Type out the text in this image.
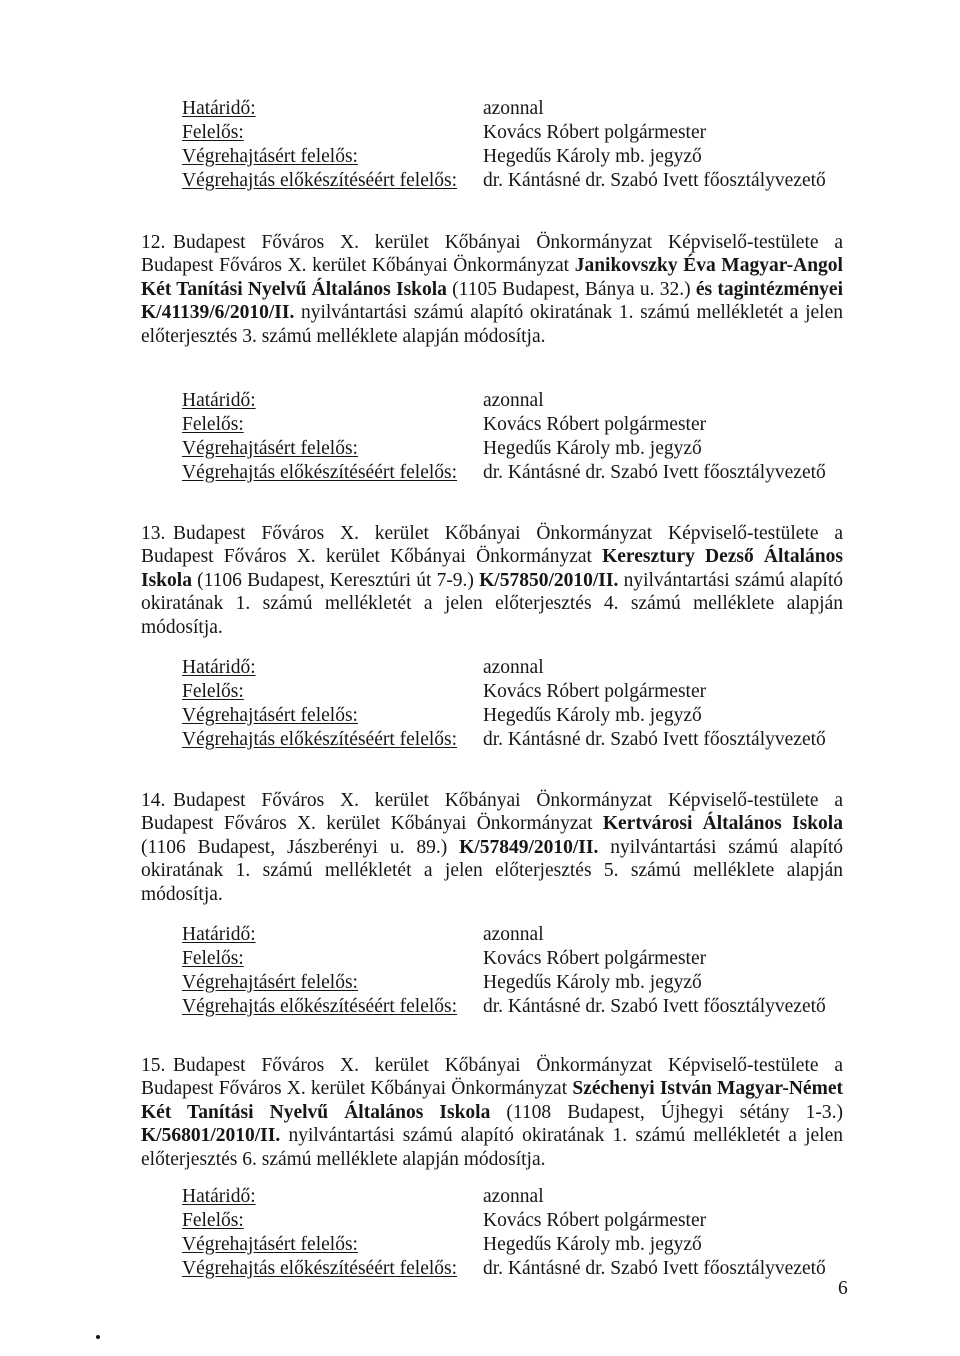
Határidő:	azonnal
Felelős:	Kovács Róbert polgármester
Végrehajtásért felelős:	Hegedűs Károly mb. jegyző
Végrehajtás előkészítéséért felelős: dr. Kántásné dr. Szabó Ivett főosztályvezető
12. Budapest Főváros X. kerület Kőbányai Önkormányzat Képviselő-testülete a Budapest Főváros X. kerület Kőbányai Önkormányzat Janikovszky Éva Magyar-Angol Két Tanítási Nyelvű Általános Iskola (1105 Budapest, Bánya u. 32.) és tagintézményei K/41139/6/2010/II. nyilvántartási számú alapító okiratának 1. számú mellékletét a jelen előterjesztés 3. számú melléklete alapján módosítja.
Határidő:	azonnal
Felelős:	Kovács Róbert polgármester
Végrehajtásért felelős:	Hegedűs Károly mb. jegyző
Végrehajtás előkészítéséért felelős: dr. Kántásné dr. Szabó Ivett főosztályvezető
13. Budapest Főváros X. kerület Kőbányai Önkormányzat Képviselő-testülete a Budapest Főváros X. kerület Kőbányai Önkormányzat Keresztury Dezső Általános Iskola (1106 Budapest, Keresztúri út 7-9.) K/57850/2010/II. nyilvántartási számú alapító okiratának 1. számú mellékletét a jelen előterjesztés 4. számú melléklete alapján módosítja.
Határidő:	azonnal
Felelős:	Kovács Róbert polgármester
Végrehajtásért felelős:	Hegedűs Károly mb. jegyző
Végrehajtás előkészítéséért felelős: dr. Kántásné dr. Szabó Ivett főosztályvezető
14. Budapest Főváros X. kerület Kőbányai Önkormányzat Képviselő-testülete a Budapest Főváros X. kerület Kőbányai Önkormányzat Kertvárosi Általános Iskola (1106 Budapest, Jászberényi u. 89.) K/57849/2010/II. nyilvántartási számú alapító okiratának 1. számú mellékletét a jelen előterjesztés 5. számú melléklete alapján módosítja.
Határidő:	azonnal
Felelős:	Kovács Róbert polgármester
Végrehajtásért felelős:	Hegedűs Károly mb. jegyző
Végrehajtás előkészítéséért felelős: dr. Kántásné dr. Szabó Ivett főosztályvezető
15. Budapest Főváros X. kerület Kőbányai Önkormányzat Képviselő-testülete a Budapest Főváros X. kerület Kőbányai Önkormányzat Széchenyi István Magyar-Német Két Tanítási Nyelvű Általános Iskola (1108 Budapest, Újhegyi sétány 1-3.) K/56801/2010/II. nyilvántartási számú alapító okiratának 1. számú mellékletét a jelen előterjesztés 6. számú melléklete alapján módosítja.
Határidő:	azonnal
Felelős:	Kovács Róbert polgármester
Végrehajtásért felelős:	Hegedűs Károly mb. jegyző
Végrehajtás előkészítéséért felelős: dr. Kántásné dr. Szabó Ivett főosztályvezető
6
